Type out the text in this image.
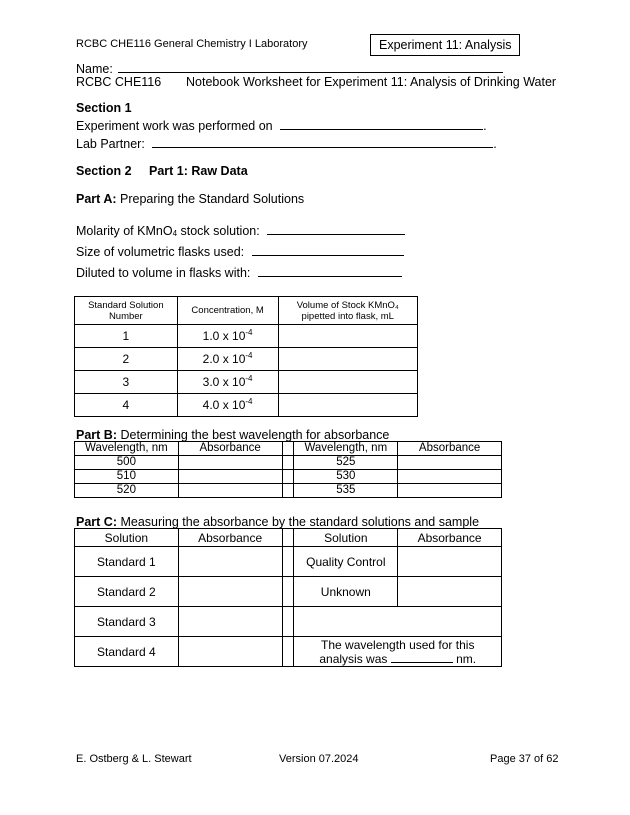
RCBC CHE116 General Chemistry I Laboratory	Experiment 11: Analysis
Name:
RCBC CHE116 Notebook Worksheet for Experiment 11: Analysis of Drinking Water
Section 1
Experiment work was performed on	.
Lab Partner:	.
Section 2 Part 1: Raw Data
Part A: Preparing the Standard Solutions
Molarity of KMnO$_4$ stock solution:
Size of volumetric flasks used:
Diluted to volume in flasks with:
Standard Solution Number	Concentration, M	Volume of Stock KMnO₄ pipetted into flask, mL
1	1.0 x $10^{-4}$	
2	2.0 x $10^{-4}$	
3	3.0 x $10^{-4}$	
4	4.0 x $10^{-4}$	
Part B: Determining the best wavelength for absorbance
Wavelength, nm	Absorbance		Wavelength, nm	Absorbance
500			525	
510			530	
520			535	
Part C: Measuring the absorbance by the standard solutions and sample
Solution	Absorbance		Solution	Absorbance
Standard 1			Quality Control	
Standard 2			Unknown	
Standard 3				
Standard 4			The wavelength used for this
analysis was nm.	
E. Ostberg & L. Stewart	Version 07.2024	Page 37 of 62
